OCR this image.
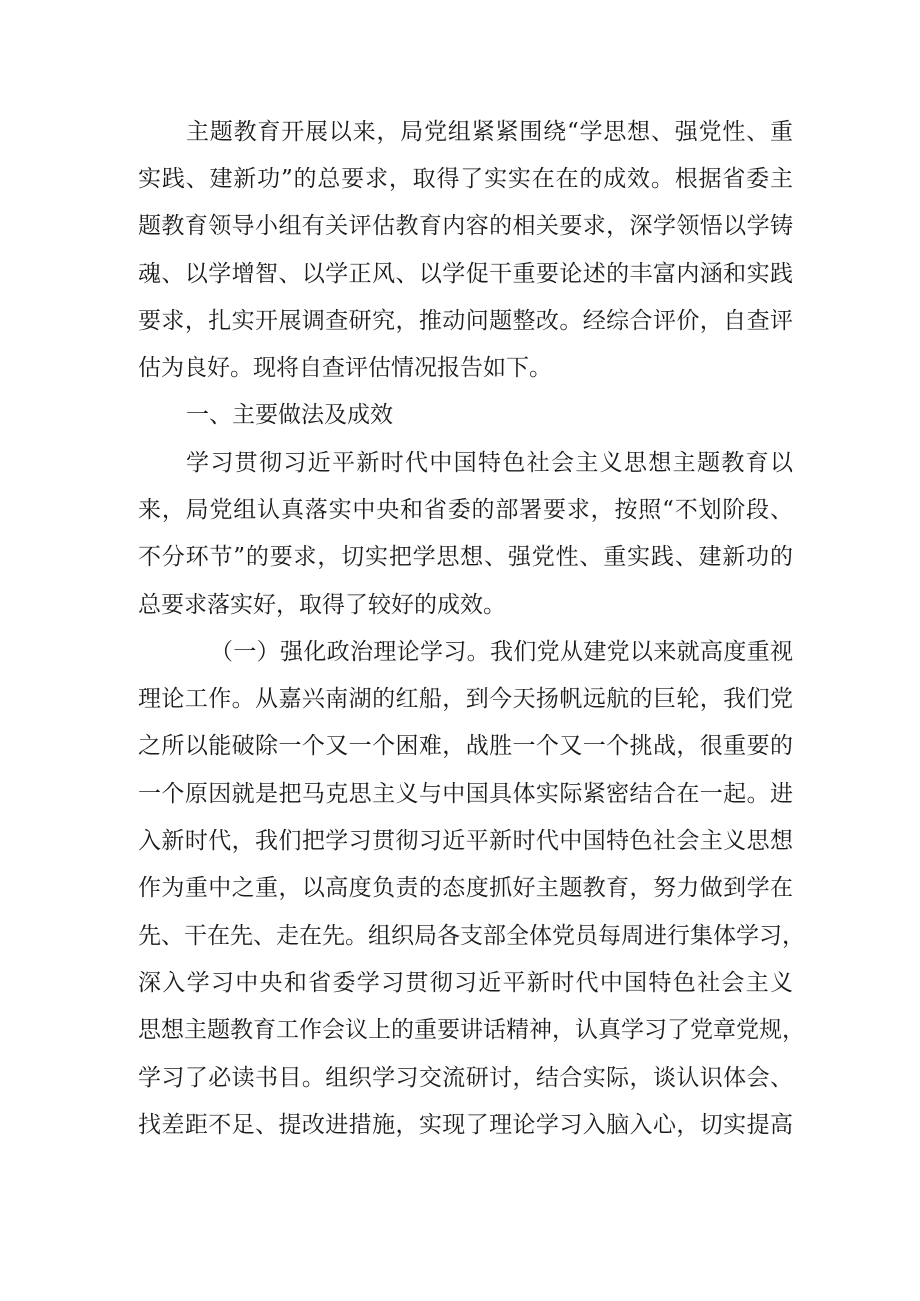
主题教育开展以来，局党组紧紧围绕“学思想、强党性、重
实践、建新功”的总要求，取得了实实在在的成效。根据省委主
题教育领导小组有关评估教育内容的相关要求，深学领悟以学铸
魂、以学增智、以学正风、以学促干重要论述的丰富内涵和实践
要求，扎实开展调查研究，推动问题整改。经综合评价，自查评
估为良好。现将自查评估情况报告如下。
一、主要做法及成效
学习贯彻习近平新时代中国特色社会主义思想主题教育以
来，局党组认真落实中央和省委的部署要求，按照“不划阶段、
不分环节”的要求，切实把学思想、强党性、重实践、建新功的
总要求落实好，取得了较好的成效。
（一）强化政治理论学习。我们党从建党以来就高度重视
理论工作。从嘉兴南湖的红船，到今天扬帆远航的巨轮，我们党
之所以能破除一个又一个困难，战胜一个又一个挑战，很重要的
一个原因就是把马克思主义与中国具体实际紧密结合在一起。进
入新时代，我们把学习贯彻习近平新时代中国特色社会主义思想
作为重中之重，以高度负责的态度抓好主题教育，努力做到学在
先、干在先、走在先。组织局各支部全体党员每周进行集体学习，
深入学习中央和省委学习贯彻习近平新时代中国特色社会主义
思想主题教育工作会议上的重要讲话精神，认真学习了党章党规，
学习了必读书目。组织学习交流研讨，结合实际，谈认识体会、
找差距不足、提改进措施，实现了理论学习入脑入心，切实提高
